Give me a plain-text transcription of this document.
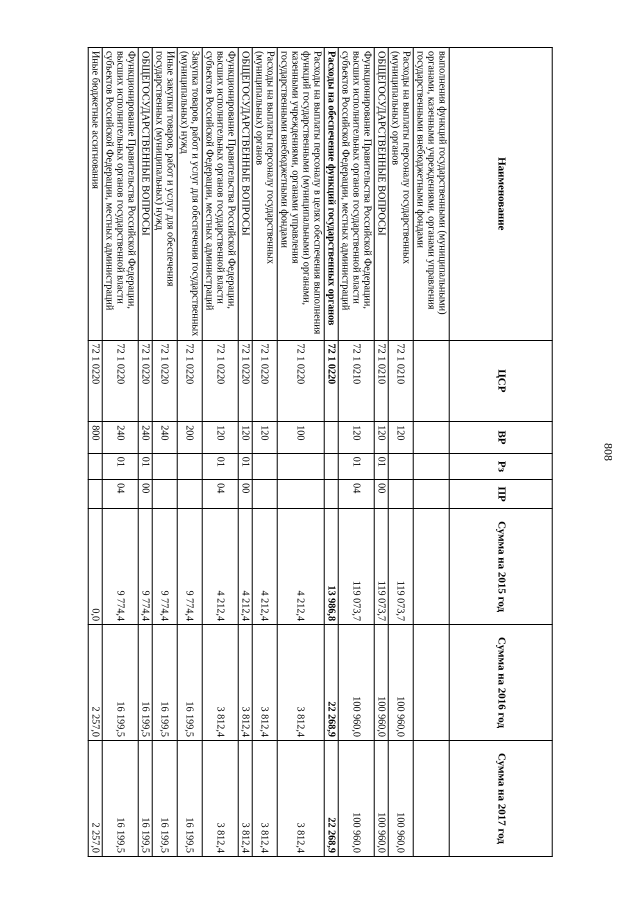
808
Наименование	ЦСР	ВР	Рз	ПР	Сумма на 2015 год	Сумма на 2016 год	Сумма на 2017 год
выполнения функций государственными (муниципальными) органами, казенными учреждениями, органами управления государственными внебюджетными фондами							
Расходы на выплаты персоналу государственных (муниципальных) органов	72 1 0210	120			119 073,7	100 960,0	100 960,0
ОБЩЕГОСУДАРСТВЕННЫЕ ВОПРОСЫ	72 1 0210	120	01	00	119 073,7	100 960,0	100 960,0
Функционирование Правительства Российской Федерации, высших исполнительных органов государственной власти субъектов Российской Федерации, местных администраций	72 1 0210	120	01	04	119 073,7	100 960,0	100 960,0
Расходы на обеспечение функций государственных органов	72 1 0220				13 986,8	22 268,9	22 268,9
Расходы на выплаты персоналу в целях обеспечения выполнения функций государственными (муниципальными) органами, казенными учреждениями, органами управления государственными внебюджетными фондами	72 1 0220	100			4 212,4	3 812,4	3 812,4
Расходы на выплаты персоналу государственных (муниципальных) органов	72 1 0220	120			4 212,4	3 812,4	3 812,4
ОБЩЕГОСУДАРСТВЕННЫЕ ВОПРОСЫ	72 1 0220	120	01	00	4 212,4	3 812,4	3 812,4
Функционирование Правительства Российской Федерации, высших исполнительных органов государственной власти субъектов Российской Федерации, местных администраций	72 1 0220	120	01	04	4 212,4	3 812,4	3 812,4
Закупка товаров, работ и услуг для обеспечения государственных (муниципальных) нужд	72 1 0220	200			9 774,4	16 199,5	16 199,5
Иные закупки товаров, работ и услуг для обеспечения государственных (муниципальных) нужд	72 1 0220	240			9 774,4	16 199,5	16 199,5
ОБЩЕГОСУДАРСТВЕННЫЕ ВОПРОСЫ	72 1 0220	240	01	00	9 774,4	16 199,5	16 199,5
Функционирование Правительства Российской Федерации, высших исполнительных органов государственной власти субъектов Российской Федерации, местных администраций	72 1 0220	240	01	04	9 774,4	16 199,5	16 199,5
Иные бюджетные ассигнования	72 1 0220	800			0,0	2 257,0	2 257,0
